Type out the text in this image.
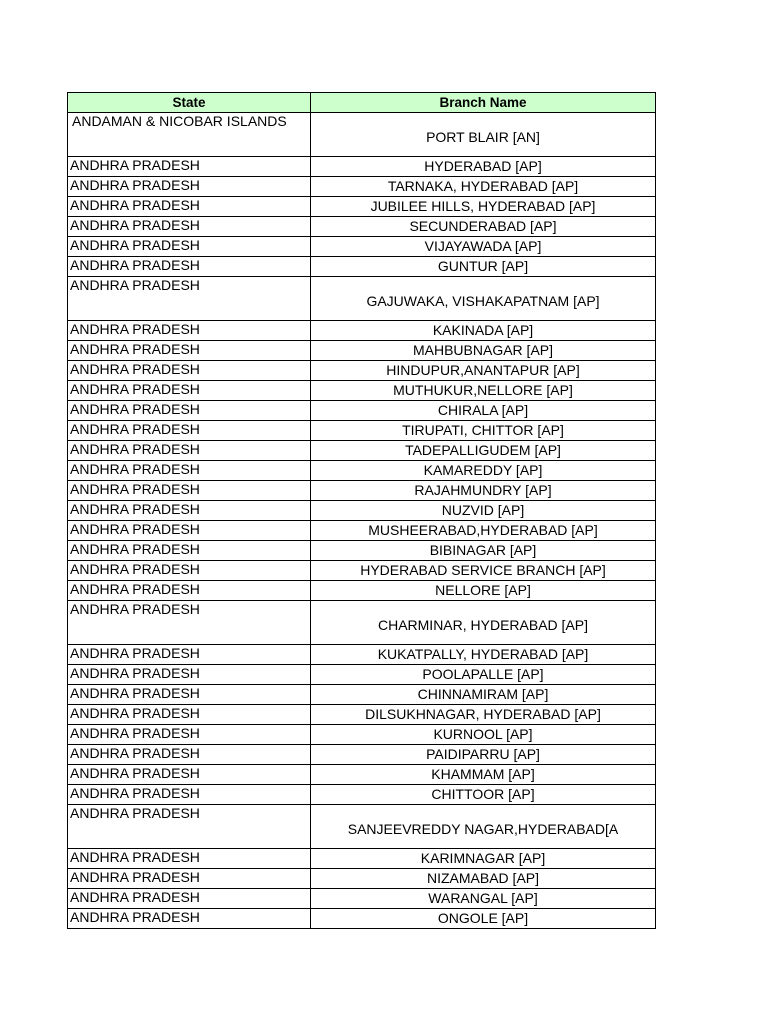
State	Branch Name
ANDAMAN & NICOBAR ISLANDS	PORT BLAIR [AN]
ANDHRA PRADESH	HYDERABAD [AP]
ANDHRA PRADESH	TARNAKA, HYDERABAD [AP]
ANDHRA PRADESH	JUBILEE HILLS, HYDERABAD [AP]
ANDHRA PRADESH	SECUNDERABAD [AP]
ANDHRA PRADESH	VIJAYAWADA [AP]
ANDHRA PRADESH	GUNTUR [AP]
ANDHRA PRADESH	GAJUWAKA, VISHAKAPATNAM [AP]
ANDHRA PRADESH	KAKINADA [AP]
ANDHRA PRADESH	MAHBUBNAGAR [AP]
ANDHRA PRADESH	HINDUPUR,ANANTAPUR [AP]
ANDHRA PRADESH	MUTHUKUR,NELLORE [AP]
ANDHRA PRADESH	CHIRALA [AP]
ANDHRA PRADESH	TIRUPATI, CHITTOR [AP]
ANDHRA PRADESH	TADEPALLIGUDEM [AP]
ANDHRA PRADESH	KAMAREDDY [AP]
ANDHRA PRADESH	RAJAHMUNDRY [AP]
ANDHRA PRADESH	NUZVID [AP]
ANDHRA PRADESH	MUSHEERABAD,HYDERABAD [AP]
ANDHRA PRADESH	BIBINAGAR [AP]
ANDHRA PRADESH	HYDERABAD SERVICE BRANCH [AP]
ANDHRA PRADESH	NELLORE [AP]
ANDHRA PRADESH	CHARMINAR, HYDERABAD [AP]
ANDHRA PRADESH	KUKATPALLY, HYDERABAD [AP]
ANDHRA PRADESH	POOLAPALLE [AP]
ANDHRA PRADESH	CHINNAMIRAM [AP]
ANDHRA PRADESH	DILSUKHNAGAR, HYDERABAD [AP]
ANDHRA PRADESH	KURNOOL [AP]
ANDHRA PRADESH	PAIDIPARRU [AP]
ANDHRA PRADESH	KHAMMAM [AP]
ANDHRA PRADESH	CHITTOOR [AP]
ANDHRA PRADESH	SANJEEVREDDY NAGAR,HYDERABAD[A
ANDHRA PRADESH	KARIMNAGAR [AP]
ANDHRA PRADESH	NIZAMABAD [AP]
ANDHRA PRADESH	WARANGAL [AP]
ANDHRA PRADESH	ONGOLE [AP]
